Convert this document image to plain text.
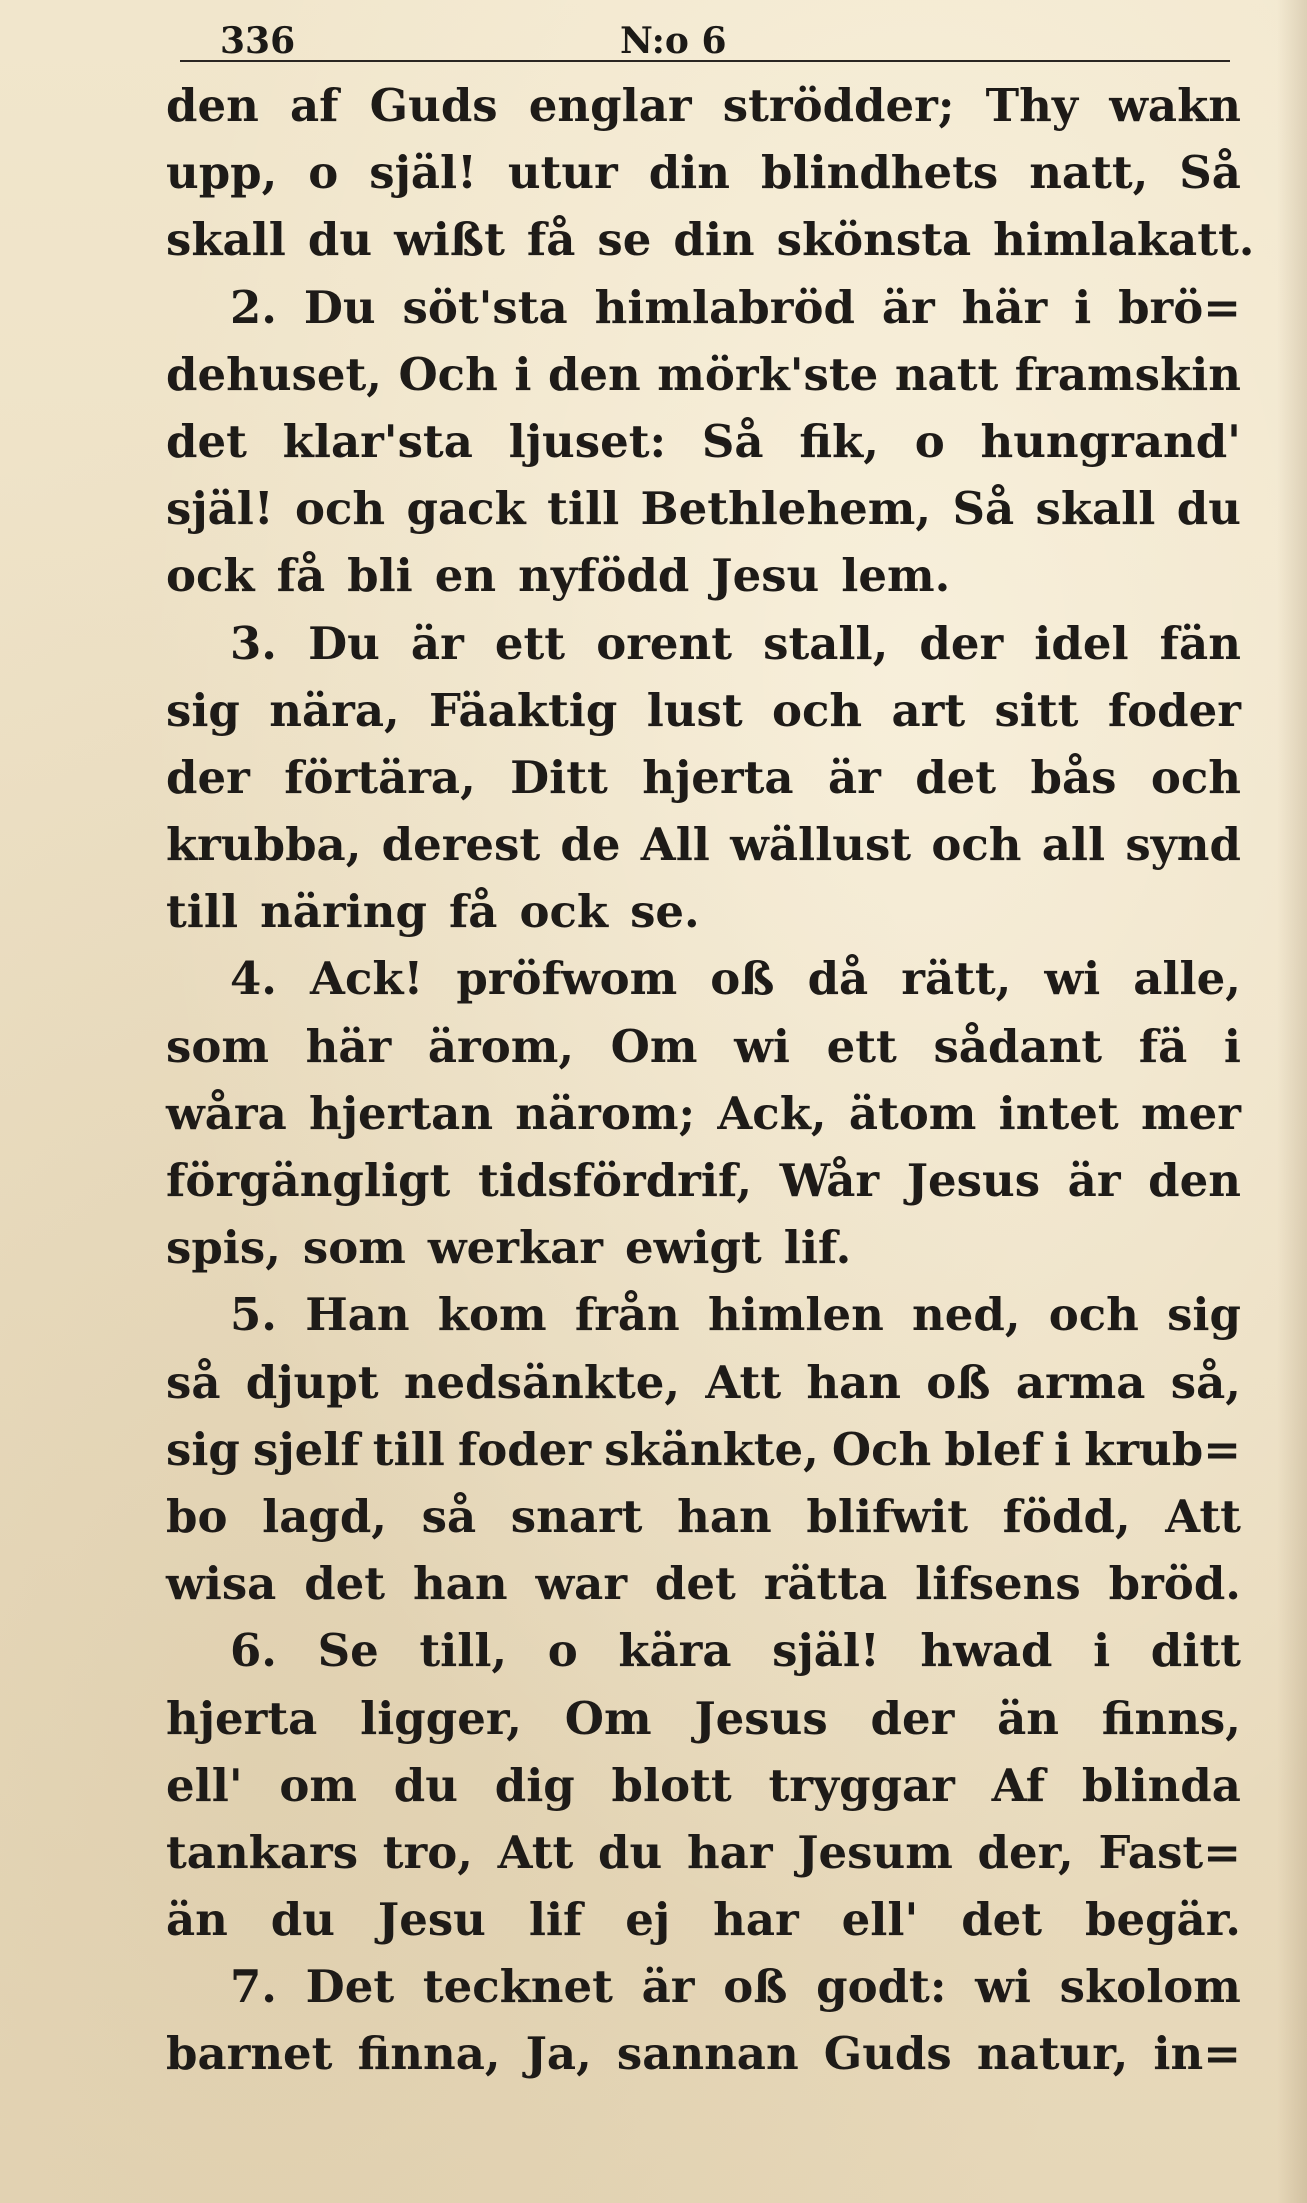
336	N:o 6
den af Guds englar strödder; Thy wakn
upp, o själ! utur din blindhets natt, Så
skall du wißt få se din skönsta himlakatt.
2. Du söt'sta himlabröd är här i brö=
dehuset, Och i den mörk'ste natt framskin
det klar'sta ljuset: Så fik, o hungrand'
själ! och gack till Bethlehem, Så skall du
ock få bli en nyfödd Jesu lem.
3. Du är ett orent stall, der idel fän
sig nära, Fäaktig lust och art sitt foder
der förtära, Ditt hjerta är det bås och
krubba, derest de All wällust och all synd
till näring få ock se.
4. Ack! pröfwom oß då rätt, wi alle,
som här ärom, Om wi ett sådant fä i
wåra hjertan närom; Ack, ätom intet mer
förgängligt tidsfördrif, Wår Jesus är den
spis, som werkar ewigt lif.
5. Han kom från himlen ned, och sig
så djupt nedsänkte, Att han oß arma så,
sig sjelf till foder skänkte, Och blef i krub=
bo lagd, så snart han blifwit född, Att
wisa det han war det rätta lifsens bröd.
6. Se till, o kära själ! hwad i ditt
hjerta ligger, Om Jesus der än finns,
ell' om du dig blott tryggar Af blinda
tankars tro, Att du har Jesum der, Fast=
än du Jesu lif ej har ell' det begär.
7. Det tecknet är oß godt: wi skolom
barnet finna, Ja, sannan Guds natur, in=
